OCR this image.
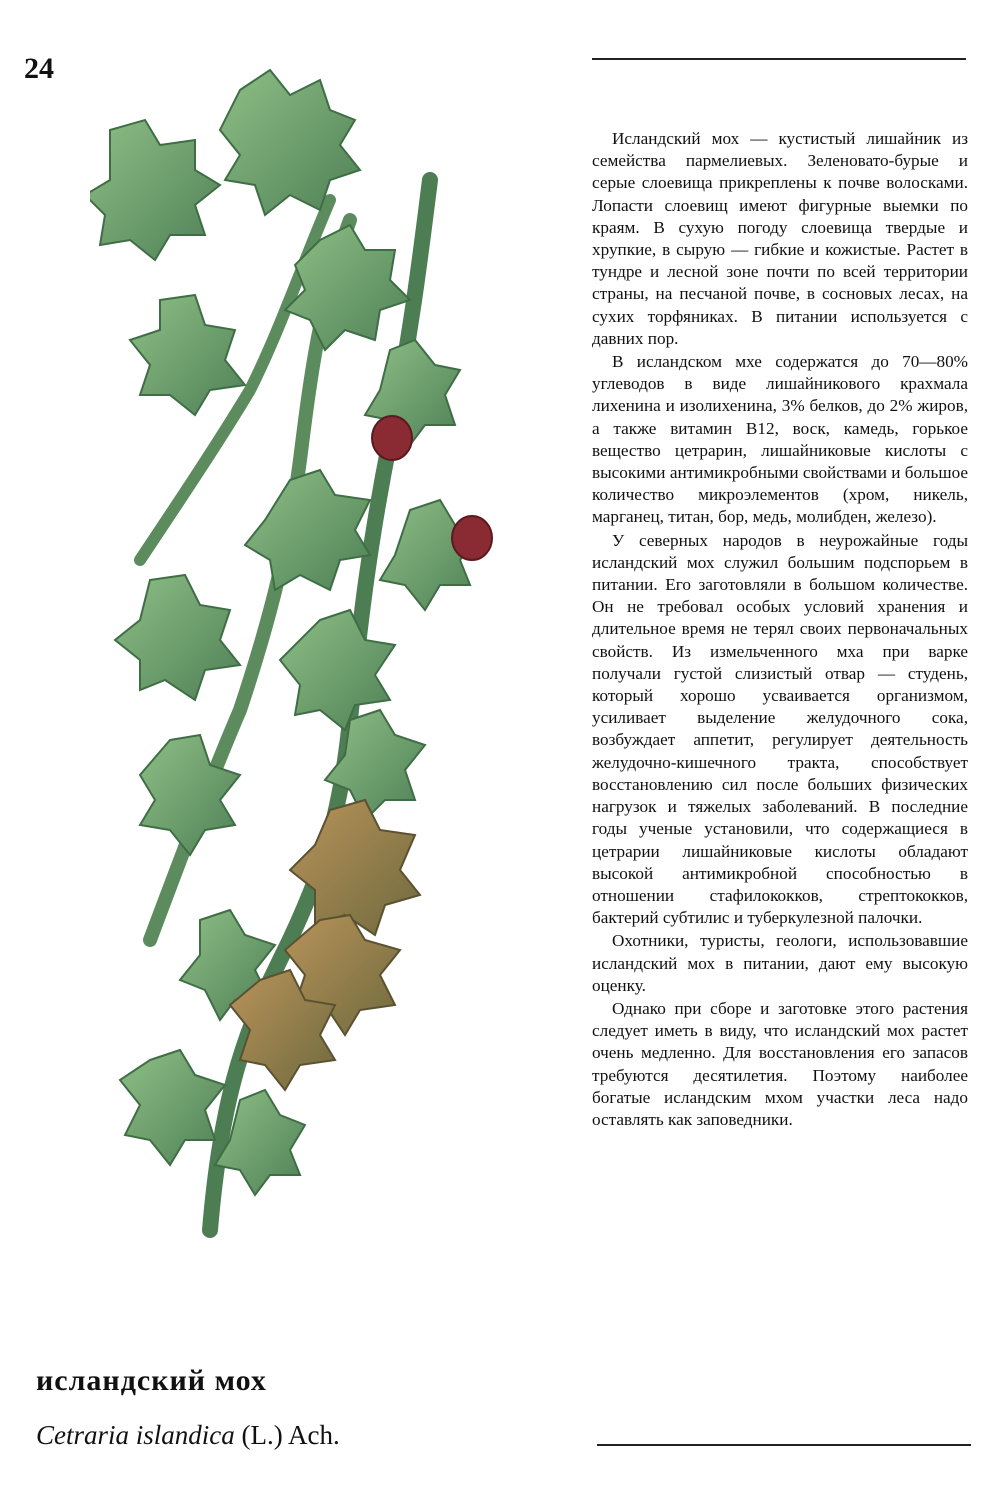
24

Исландский мох — кустистый лишайник из семейства пармелиевых. Зеленовато-бурые и серые слоевища прикреплены к почве волосками. Лопасти слоевищ имеют фигурные выемки по краям. В сухую погоду слоевища твердые и хрупкие, в сырую — гибкие и кожистые. Растет в тундре и лесной зоне почти по всей территории страны, на песчаной почве, в сосновых лесах, на сухих торфяниках. В питании используется с давних пор.

В исландском мхе содержатся до 70—80% углеводов в виде лишайникового крахмала лихенина и изолихенина, 3% белков, до 2% жиров, а также витамин B12, воск, камедь, горькое вещество цетрарин, лишайниковые кислоты с высокими антимикробными свойствами и большое количество микроэлементов (хром, никель, марганец, титан, бор, медь, молибден, железо).

У северных народов в неурожайные годы исландский мох служил большим подспорьем в питании. Его заготовляли в большом количестве. Он не требовал особых условий хранения и длительное время не терял своих первоначальных свойств. Из измельченного мха при варке получали густой слизистый отвар — студень, который хорошо усваивается организмом, усиливает выделение желудочного сока, возбуждает аппетит, регулирует деятельность желудочно-кишечного тракта, способствует восстановлению сил после больших физических нагрузок и тяжелых заболеваний. В последние годы ученые установили, что содержащиеся в цетрарии лишайниковые кислоты обладают высокой антимикробной способностью в отношении стафилококков, стрептококков, бактерий субтилис и туберкулезной палочки.

Охотники, туристы, геологи, использовавшие исландский мох в питании, дают ему высокую оценку.

Однако при сборе и заготовке этого растения следует иметь в виду, что исландский мох растет очень медленно. Для восстановления его запасов требуются десятилетия. Поэтому наиболее богатые исландским мхом участки леса надо оставлять как заповедники.

исландский мох
Cetraria islandica (L.) Ach.
